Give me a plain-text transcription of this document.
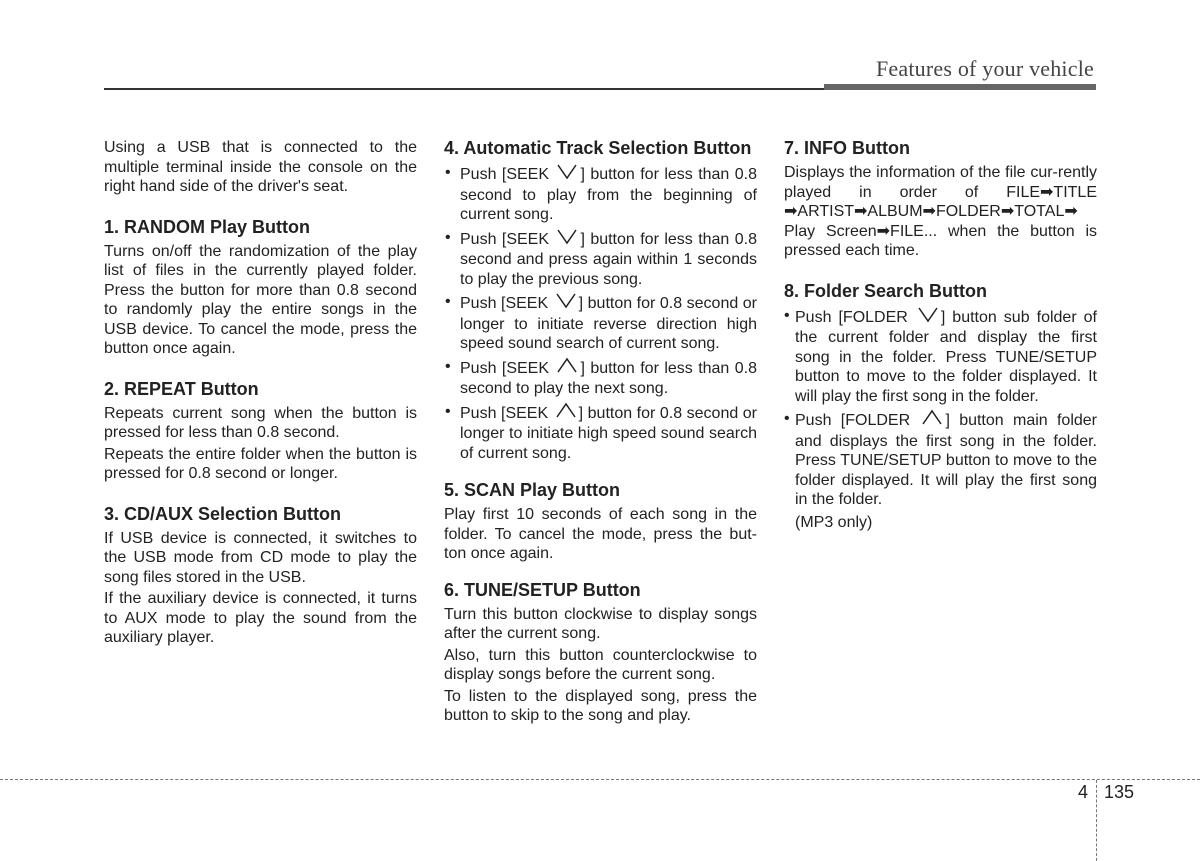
Features of your vehicle

Using a USB that is connected to the multiple terminal inside the console on the right hand side of the driver's seat.

1. RANDOM Play Button

Turns on/off the randomization of the play list of files in the currently played folder. Press the button for more than 0.8 second to randomly play the entire songs in the USB device. To cancel the mode, press the button once again.

2. REPEAT Button

Repeats current song when the button is pressed for less than 0.8 second.

Repeats the entire folder when the button is pressed for 0.8 second or longer.

3. CD/AUX Selection Button

If USB device is connected, it switches to the USB mode from CD mode to play the song files stored in the USB.

If the auxiliary device is connected, it turns to AUX mode to play the sound from the auxiliary player.

4. Automatic Track Selection Button
• Push [SEEK ] button for less than 0.8 second to play from the beginning of current song.
• Push [SEEK ] button for less than 0.8 second and press again within 1 seconds to play the previous song.
• Push [SEEK ] button for 0.8 second or longer to initiate reverse direction high speed sound search of current song.
• Push [SEEK ] button for less than 0.8 second to play the next song.
• Push [SEEK ] button for 0.8 second or longer to initiate high speed sound search of current song.
5. SCAN Play Button

Play first 10 seconds of each song in the folder. To cancel the mode, press the but-ton once again.

6. TUNE/SETUP Button

Turn this button clockwise to display songs after the current song.

Also, turn this button counterclockwise to display songs before the current song.

To listen to the displayed song, press the button to skip to the song and play.

7. INFO Button

Displays the information of the file cur-rently played in order of FILE➡TITLE ➡ARTIST➡ALBUM➡FOLDER➡TOTAL➡ Play Screen➡FILE... when the button is pressed each time.

8. Folder Search Button
• Push [FOLDER ] button sub folder of the current folder and display the first song in the folder. Press TUNE/SETUP button to move to the folder displayed. It will play the first song in the folder.
• Push [FOLDER ] button main folder and displays the first song in the folder. Press TUNE/SETUP button to move to the folder displayed. It will play the first song in the folder.

(MP3 only)

4 135
